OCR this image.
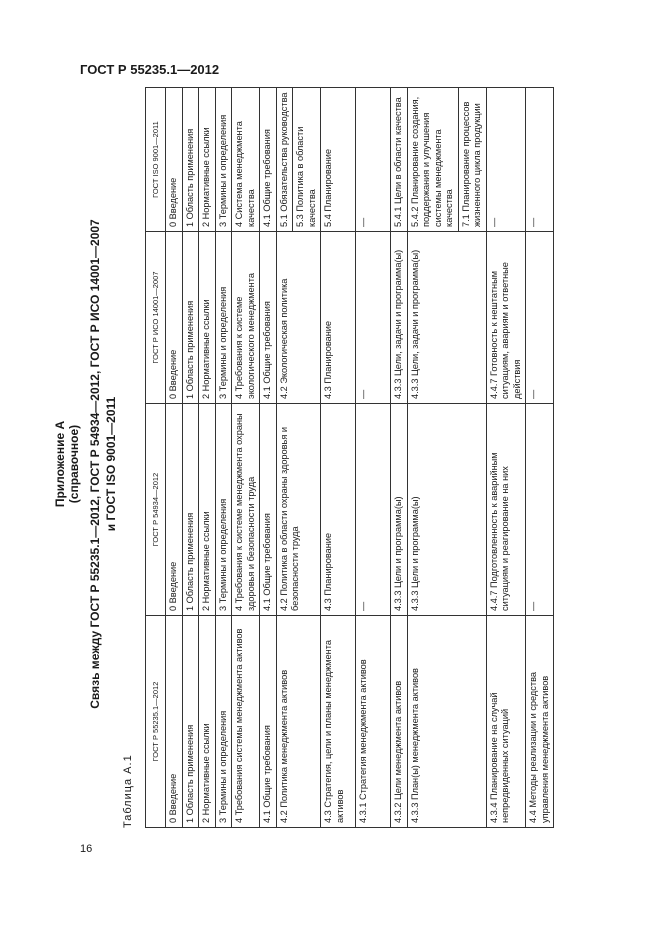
ГОСТ Р 55235.1—2012
Приложение А (справочное) Связь между ГОСТ Р 55235.1—2012, ГОСТ Р 54934—2012, ГОСТ Р ИСО 14001—2007 и ГОСТ ISO 9001—2011
Таблица А.1
ГОСТ Р 55235.1—2012	ГОСТ Р 54934—2012	ГОСТ Р ИСО 14001—2007	ГОСТ ISO 9001—2011
0 Введение	0 Введение	0 Введение	0 Введение
1 Область применения	1 Область применения	1 Область применения	1 Область применения
2 Нормативные ссылки	2 Нормативные ссылки	2 Нормативные ссылки	2 Нормативные ссылки
3 Термины и определения	3 Термины и определения	3 Термины и определения	3 Термины и определения
4 Требования системы менеджмента активов	4 Требования к системе менеджмента охраны здоровья и безопасности труда	4 Требования к системе экологического менеджмента	4 Система менеджмента качества
4.1 Общие требования	4.1 Общие требования	4.1 Общие требования	4.1 Общие требования
4.2 Политика менеджмента активов	4.2 Политика в области охраны здоровья и безопасности труда	4.2 Экологическая политика	5.1 Обязательства руководства
			5.3 Политика в области качества
4.3 Стратегия, цели и планы менеджмента активов	4.3 Планирование	4.3 Планирование	5.4 Планирование
4.3.1 Стратегия менеджмента активов	—	—	—
4.3.2 Цели менеджмента активов	4.3.3 Цели и программа(ы)	4.3.3 Цели, задачи и программа(ы)	5.4.1 Цели в области качества
4.3.3 План(ы) менеджмента активов	4.3.3 Цели и программа(ы)	4.3.3 Цели, задачи и программа(ы)	5.4.2 Планирование создания, поддержания и улучшения системы менеджмента качества
			7.1 Планирование процессов жизненного цикла продукции
4.3.4 Планирование на случай непредвиденных ситуаций	4.4.7 Подготовленность к аварийным ситуациям и реагирование на них	4.4.7 Готовность к нештатным ситуациям, авариям и ответные действия	—
4.4 Методы реализации и средства управления менеджмента активов	—	—	—
16
